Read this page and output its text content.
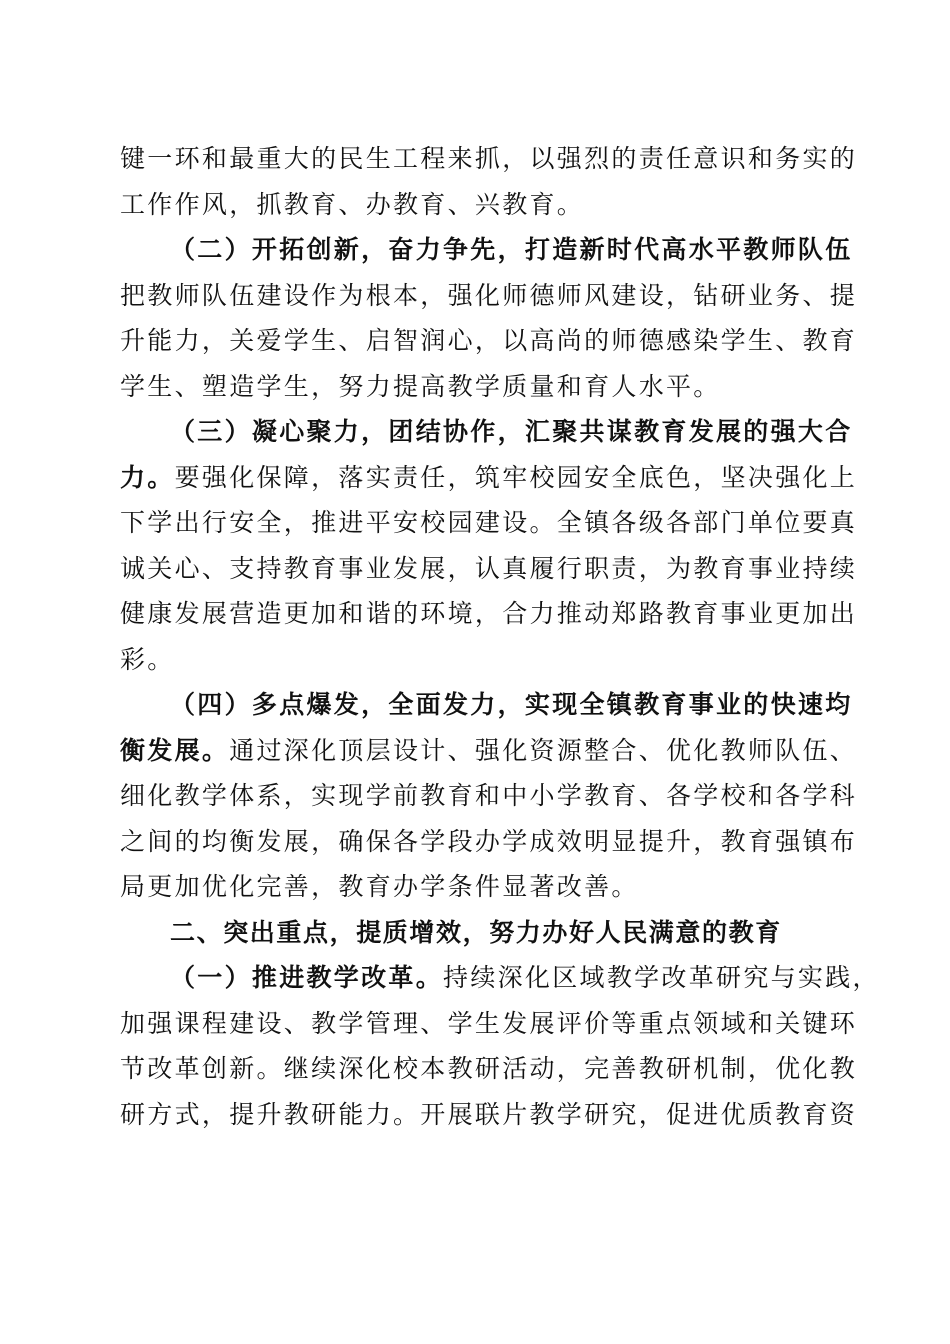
键一环和最重大的民生工程来抓，以强烈的责任意识和务实的
工作作风，抓教育、办教育、兴教育。
（二）开拓创新，奋力争先，打造新时代高水平教师队伍
把教师队伍建设作为根本，强化师德师风建设，钻研业务、提
升能力，关爱学生、启智润心，以高尚的师德感染学生、教育
学生、塑造学生，努力提高教学质量和育人水平。
（三）凝心聚力，团结协作，汇聚共谋教育发展的强大合
力。要强化保障，落实责任，筑牢校园安全底色，坚决强化上
下学出行安全，推进平安校园建设。全镇各级各部门单位要真
诚关心、支持教育事业发展，认真履行职责，为教育事业持续
健康发展营造更加和谐的环境，合力推动郑路教育事业更加出
彩。
（四）多点爆发，全面发力，实现全镇教育事业的快速均
衡发展。通过深化顶层设计、强化资源整合、优化教师队伍、
细化教学体系，实现学前教育和中小学教育、各学校和各学科
之间的均衡发展，确保各学段办学成效明显提升，教育强镇布
局更加优化完善，教育办学条件显著改善。
二、突出重点，提质增效，努力办好人民满意的教育
（一）推进教学改革。持续深化区域教学改革研究与实践，
加强课程建设、教学管理、学生发展评价等重点领域和关键环
节改革创新。继续深化校本教研活动，完善教研机制，优化教
研方式，提升教研能力。开展联片教学研究，促进优质教育资
